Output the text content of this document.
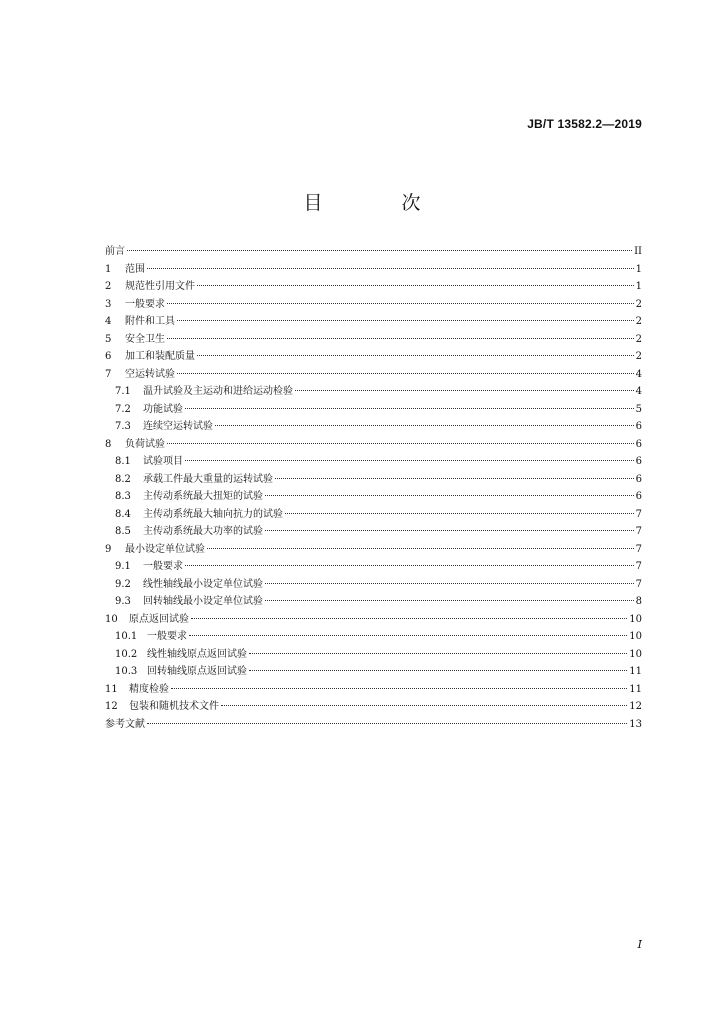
JB/T 13582.2—2019
目　次
前言	II
1	范围	1
2	规范性引用文件	1
3	一般要求	2
4	附件和工具	2
5	安全卫生	2
6	加工和装配质量	2
7	空运转试验	4
7.1	温升试验及主运动和进给运动检验	4
7.2	功能试验	5
7.3	连续空运转试验	6
8	负荷试验	6
8.1	试验项目	6
8.2	承载工件最大重量的运转试验	6
8.3	主传动系统最大扭矩的试验	6
8.4	主传动系统最大轴向抗力的试验	7
8.5	主传动系统最大功率的试验	7
9	最小设定单位试验	7
9.1	一般要求	7
9.2	线性轴线最小设定单位试验	7
9.3	回转轴线最小设定单位试验	8
10	原点返回试验	10
10.1 一般要求	10
10.2 线性轴线原点返回试验	10
10.3 回转轴线原点返回试验	11
11	精度检验	11
12	包装和随机技术文件	12
参考文献	13
I
